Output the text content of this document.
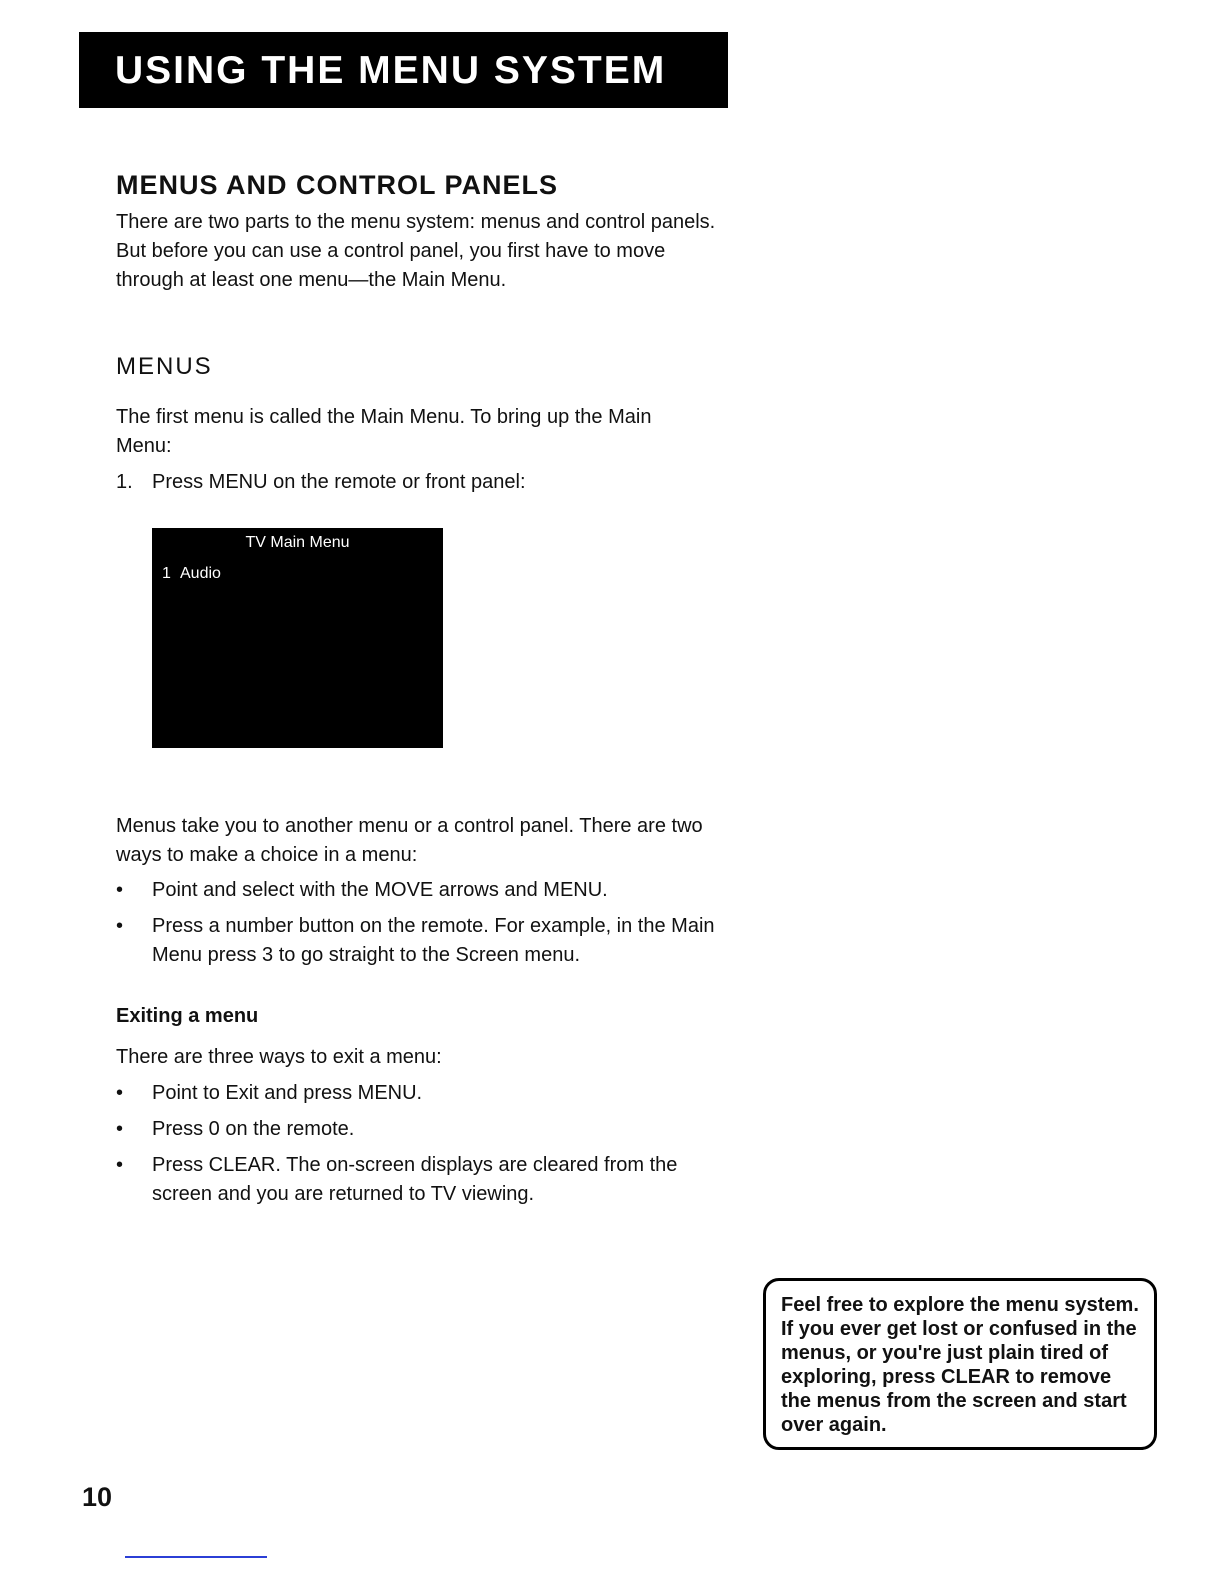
USING THE MENU SYSTEM
MENUS AND CONTROL PANELS

There are two parts to the menu system: menus and control panels. But before you can use a control panel, you first have to move through at least one menu—the Main Menu.

MENUS

The first menu is called the Main Menu. To bring up the Main Menu:

1. Press MENU on the remote or front panel:
TV Main Menu
1 Audio

Menus take you to another menu or a control panel. There are two ways to make a choice in a menu:

• Point and select with the MOVE arrows and MENU.
• Press a number button on the remote. For example, in the Main Menu press 3 to go straight to the Screen menu.
Exiting a menu

There are three ways to exit a menu:

• Point to Exit and press MENU.
• Press 0 on the remote.
• Press CLEAR. The on-screen displays are cleared from the screen and you are returned to TV viewing.
Feel free to explore the menu system. If you ever get lost or confused in the menus, or you're just plain tired of exploring, press CLEAR to remove the menus from the screen and start over again.
10
